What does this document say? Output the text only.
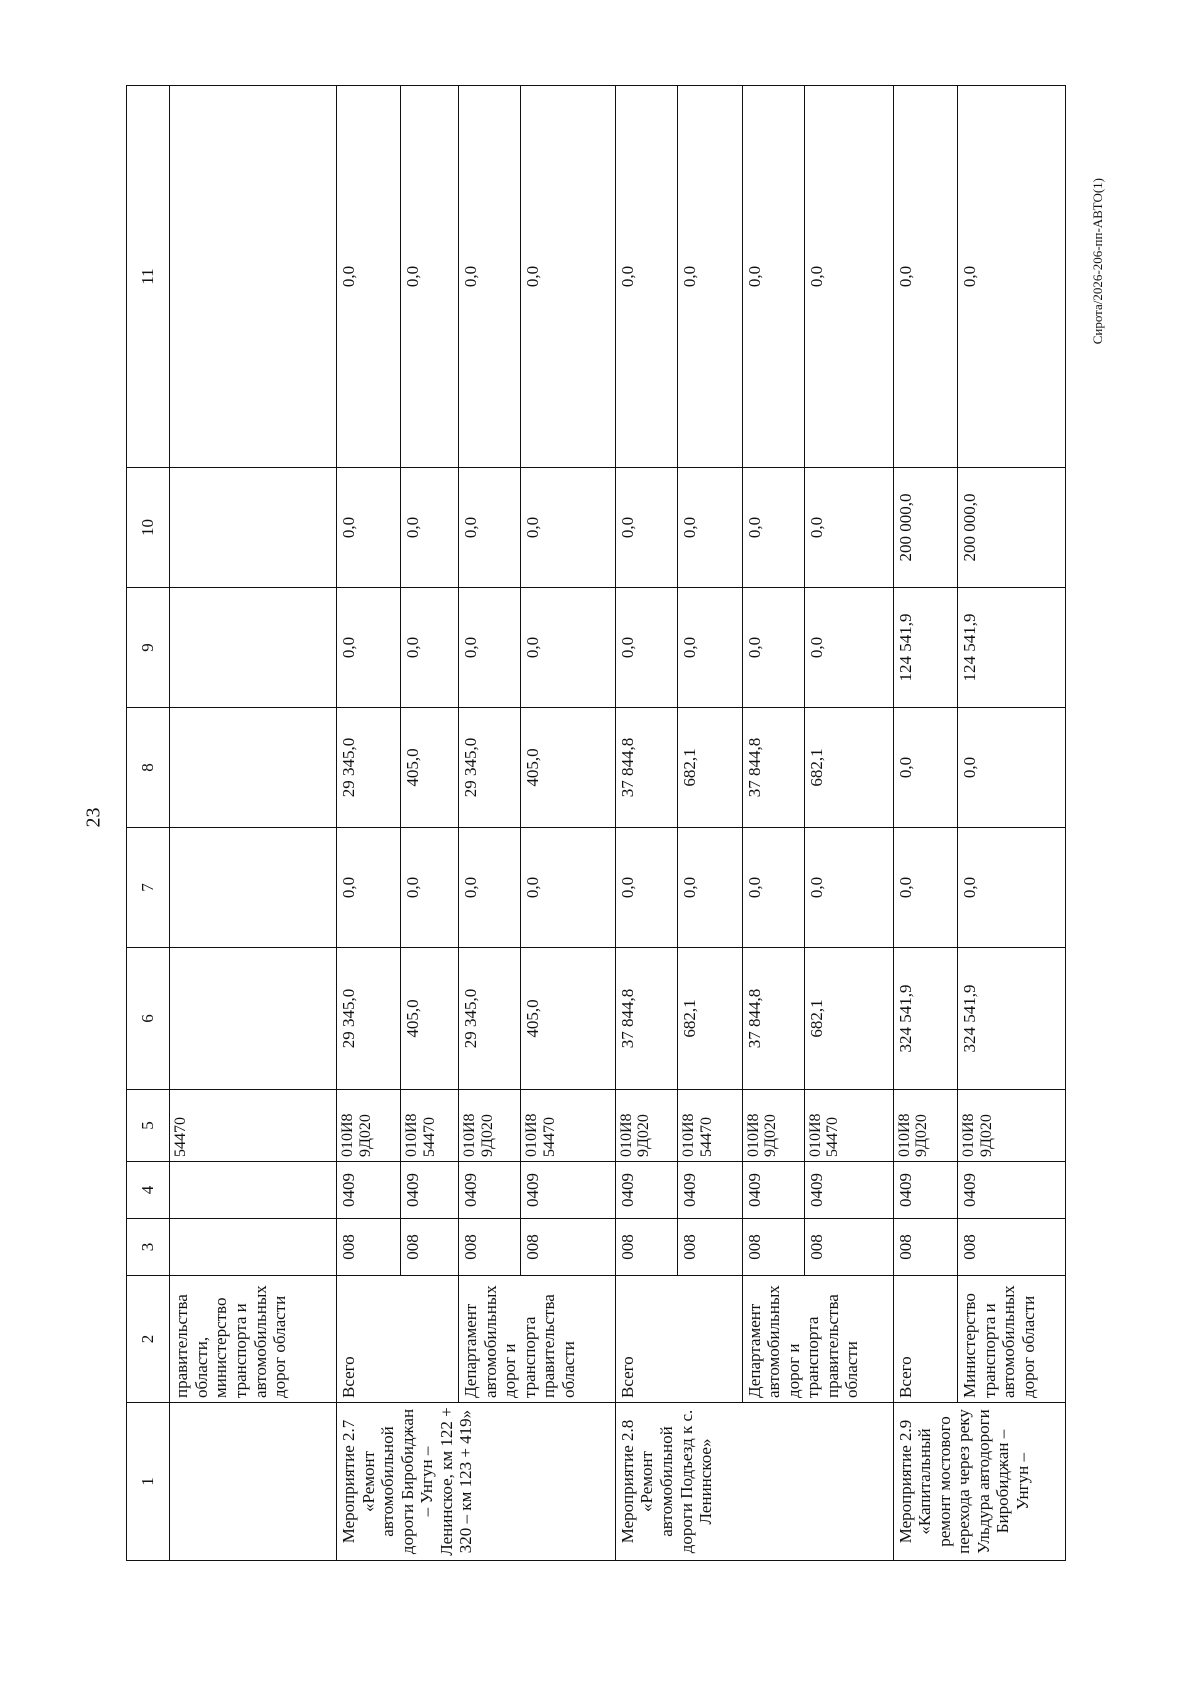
23
Сирота/2026-206-пп-АВТО(1)
1	2	3	4	5	6	7	8	9	10	11
	правительства области, министерство транспорта и автомобильных дорог области			54470						
Мероприятие 2.7 «Ремонт автомобильной дороги Биробиджан – Унгун – Ленинское, км 122 + 320 – км 123 + 419»	Всего	008	0409	010И8 9Д020	29 345,0	0,0	29 345,0	0,0	0,0	0,0
		008	0409	010И8 54470	405,0	0,0	405,0	0,0	0,0	0,0
	Департамент автомобильных дорог и транспорта правительства области	008	0409	010И8 9Д020	29 345,0	0,0	29 345,0	0,0	0,0	0,0
		008	0409	010И8 54470	405,0	0,0	405,0	0,0	0,0	0,0
Мероприятие 2.8 «Ремонт автомобильной дороги Подъезд к с. Ленинское»	Всего	008	0409	010И8 9Д020	37 844,8	0,0	37 844,8	0,0	0,0	0,0
		008	0409	010И8 54470	682,1	0,0	682,1	0,0	0,0	0,0
	Департамент автомобильных дорог и транспорта правительства области	008	0409	010И8 9Д020	37 844,8	0,0	37 844,8	0,0	0,0	0,0
		008	0409	010И8 54470	682,1	0,0	682,1	0,0	0,0	0,0
Мероприятие 2.9 «Капитальный ремонт мостового перехода через реку Ульдура автодороги Биробиджан – Унгун –	Всего	008	0409	010И8 9Д020	324 541,9	0,0	0,0	124 541,9	200 000,0	0,0
	Министерство транспорта и автомобильных дорог области	008	0409	010И8 9Д020	324 541,9	0,0	0,0	124 541,9	200 000,0	0,0
